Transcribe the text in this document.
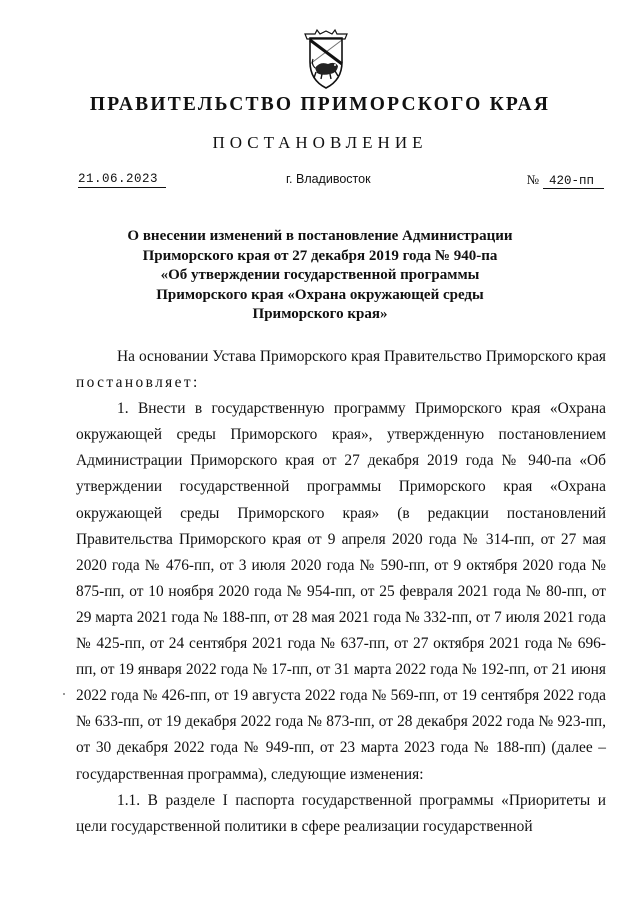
ПРАВИТЕЛЬСТВО ПРИМОРСКОГО КРАЯ
ПОСТАНОВЛЕНИЕ
21.06.2023	г. Владивосток	№ 420-пп
О внесении изменений в постановление Администрации
Приморского края от 27 декабря 2019 года № 940-па
«Об утверждении государственной программы
Приморского края «Охрана окружающей среды
Приморского края»

На основании Устава Приморского края Правительство Приморского края постановляет:

1. Внести в государственную программу Приморского края «Охрана окружающей среды Приморского края», утвержденную постановлением Администрации Приморского края от 27 декабря 2019 года № 940-па «Об утверждении государственной программы Приморского края «Охрана окружающей среды Приморского края» (в редакции постановлений Правительства Приморского края от 9 апреля 2020 года № 314-пп, от 27 мая 2020 года № 476-пп, от 3 июля 2020 года № 590-пп, от 9 октября 2020 года № 875-пп, от 10 ноября 2020 года № 954-пп, от 25 февраля 2021 года № 80-пп, от 29 марта 2021 года № 188-пп, от 28 мая 2021 года № 332-пп, от 7 июля 2021 года № 425-пп, от 24 сентября 2021 года № 637-пп, от 27 октября 2021 года № 696-пп, от 19 января 2022 года № 17-пп, от 31 марта 2022 года № 192-пп, от 21 июня 2022 года № 426-пп, от 19 августа 2022 года № 569-пп, от 19 сентября 2022 года № 633-пп, от 19 декабря 2022 года № 873-пп, от 28 декабря 2022 года № 923-пп, от 30 декабря 2022 года № 949-пп, от 23 марта 2023 года № 188-пп) (далее – государственная программа), следующие изменения:

1.1. В разделе I паспорта государственной программы «Приоритеты и цели государственной политики в сфере реализации государственной
